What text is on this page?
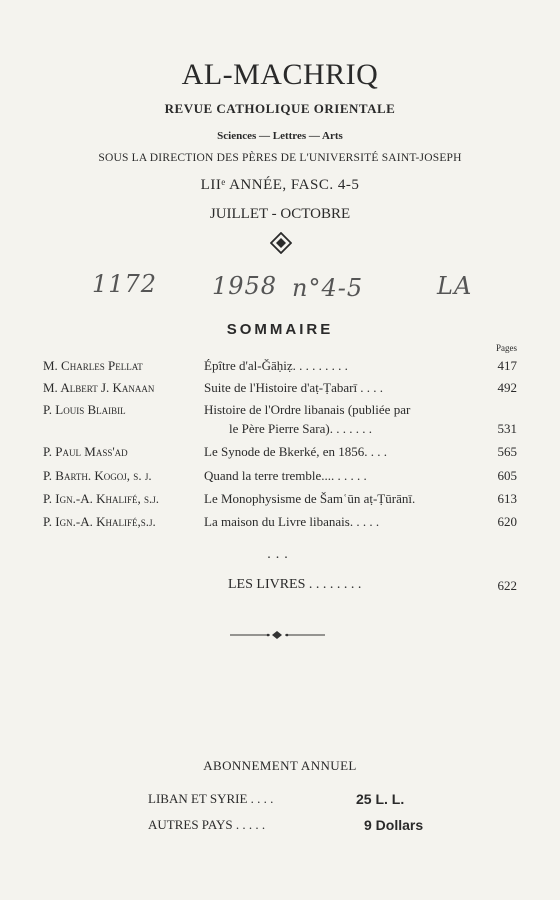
AL-MACHRIQ
REVUE CATHOLIQUE ORIENTALE
Sciences — Lettres — Arts
SOUS LA DIRECTION DES PÈRES DE L'UNIVERSITÉ SAINT-JOSEPH
LIIᵉ ANNÉE, FASC. 4-5
JUILLET - OCTOBRE
1172 1958 n°4-5	LA
SOMMAIRE
Pages
M. Charles Pellat	Épître d'al-Ǧāḥiẓ. . . . . . . . .	417
M. Albert J. Kanaan	Suite de l'Histoire d'aṭ-Ṭabarī . . . .	492
P. Louis Blaibil	Histoire de l'Ordre libanais (publiée par
le Père Pierre Sara). . . . . . .	531
P. Paul Mass'ad	Le Synode de Bkerké, en 1856. . . .	565
P. Barth. Kogoj, s. j.	Quand la terre tremble.... . . . . .	605
P. Ign.-A. Khalifé, s.j.	Le Monophysisme de Šamʿūn aṭ-Ṭūrānī.	613
P. Ign.-A. Khalifé,s.j.	La maison du Livre libanais. . . . .	620
...
LES LIVRES . . . . . . . .	622
ABONNEMENT ANNUEL
LIBAN ET SYRIE . . . .	25 L. L.
AUTRES PAYS . . . . .	9 Dollars
